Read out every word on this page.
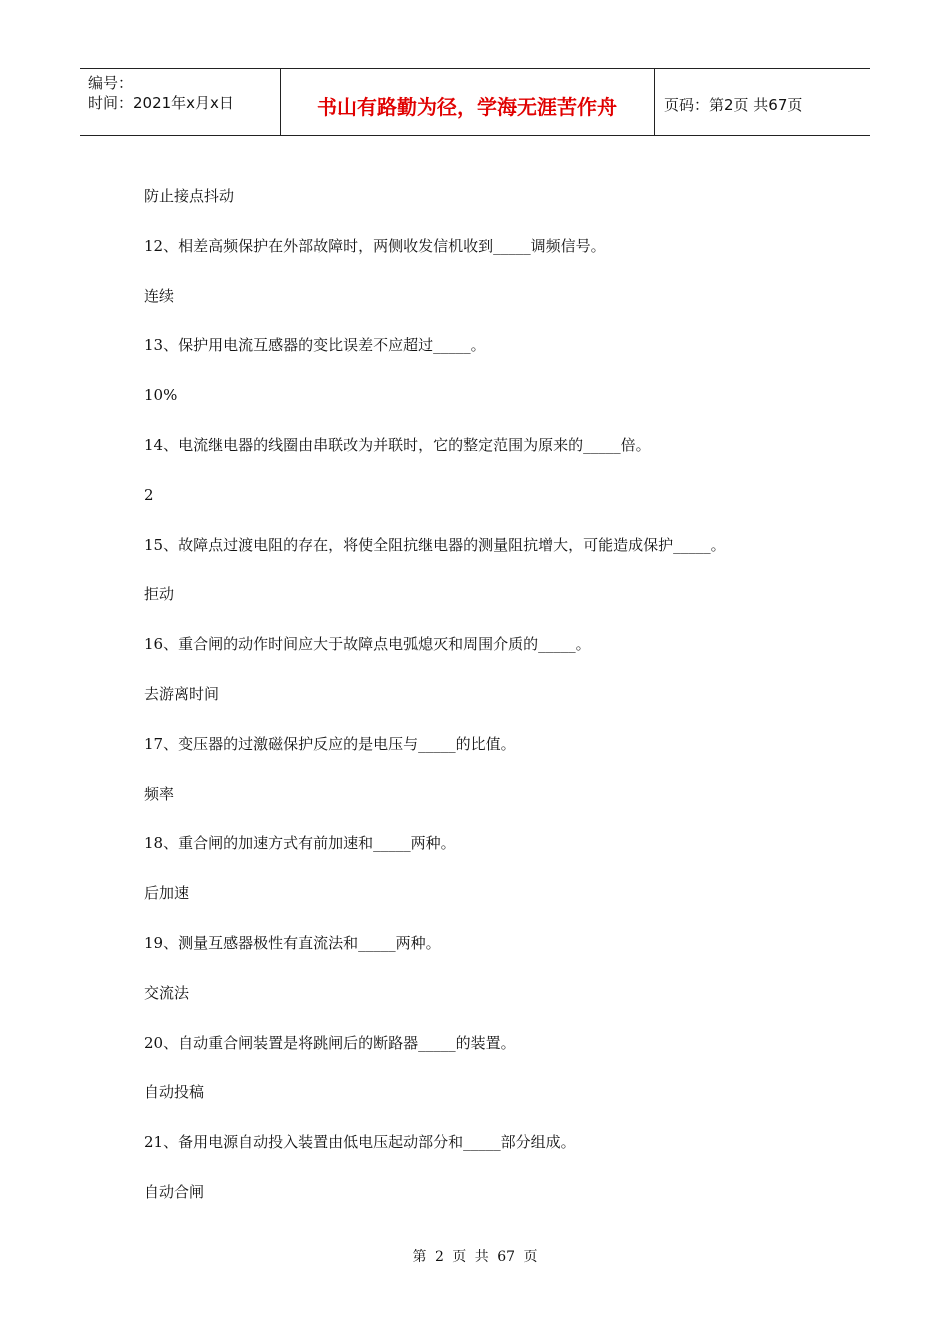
编号：
时间：2021年x月x日	书山有路勤为径，学海无涯苦作舟	页码：第2页 共67页
防止接点抖动
12、相差高频保护在外部故障时，两侧收发信机收到_____调频信号。
连续
13、保护用电流互感器的变比误差不应超过_____。
10%
14、电流继电器的线圈由串联改为并联时，它的整定范围为原来的_____倍。
2
15、故障点过渡电阻的存在，将使全阻抗继电器的测量阻抗增大，可能造成保护_____。
拒动
16、重合闸的动作时间应大于故障点电弧熄灭和周围介质的_____。
去游离时间
17、变压器的过激磁保护反应的是电压与_____的比值。
频率
18、重合闸的加速方式有前加速和_____两种。
后加速
19、测量互感器极性有直流法和_____两种。
交流法
20、自动重合闸装置是将跳闸后的断路器_____的装置。
自动投稿
21、备用电源自动投入装置由低电压起动部分和_____部分组成。
自动合闸
第 2 页 共 67 页
